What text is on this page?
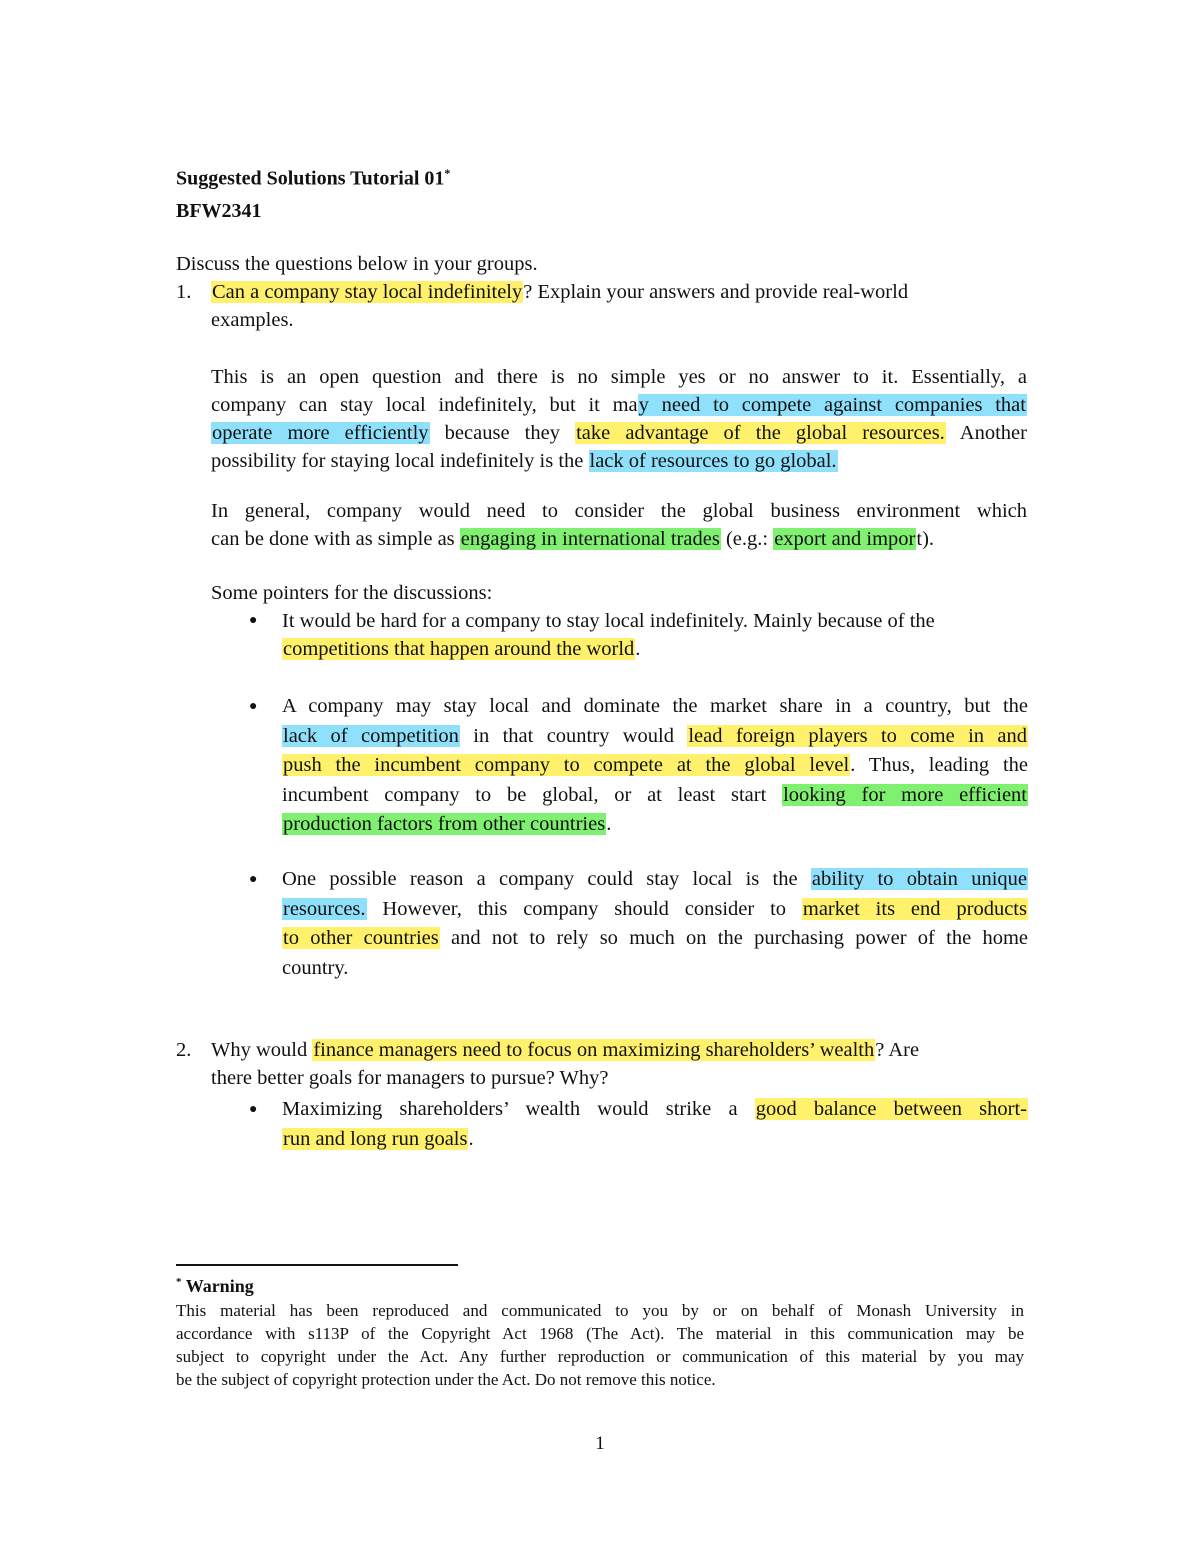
Suggested Solutions Tutorial 01*

BFW2341

Discuss the questions below in your groups.

1.	Can a company stay local indefinitely? Explain your answers and provide real-world
examples.
This is an open question and there is no simple yes or no answer to it. Essentially, a
company can stay local indefinitely, but it may need to compete against companies that
operate more efficiently because they take advantage of the global resources. Another
possibility for staying local indefinitely is the lack of resources to go global.
In general, company would need to consider the global business environment which
can be done with as simple as engaging in international trades (e.g.: export and import).

Some pointers for the discussions:

● It would be hard for a company to stay local indefinitely. Mainly because of the
competitions that happen around the world.
● A company may stay local and dominate the market share in a country, but the
lack of competition in that country would lead foreign players to come in and
push the incumbent company to compete at the global level. Thus, leading the
incumbent company to be global, or at least start looking for more efficient
production factors from other countries.
● One possible reason a company could stay local is the ability to obtain unique
resources. However, this company should consider to market its end products
to other countries and not to rely so much on the purchasing power of the home
country.
2. Why would finance managers need to focus on maximizing shareholders’ wealth? Are
there better goals for managers to pursue? Why?
● Maximizing shareholders’ wealth would strike a good balance between short-
run and long run goals.
* Warning
This material has been reproduced and communicated to you by or on behalf of Monash University in
accordance with s113P of the Copyright Act 1968 (The Act). The material in this communication may be
subject to copyright under the Act. Any further reproduction or communication of this material by you may
be the subject of copyright protection under the Act. Do not remove this notice.
1
